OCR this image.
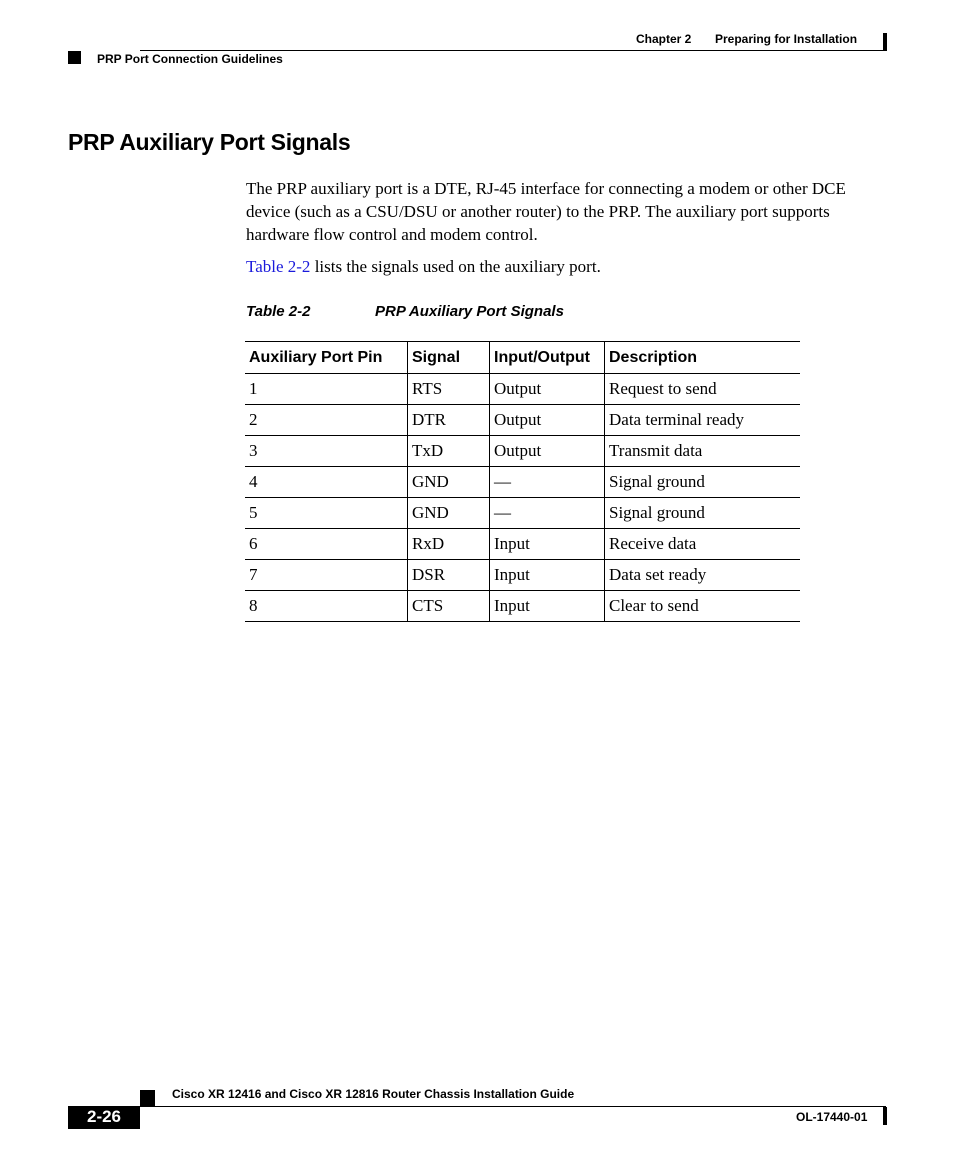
Chapter 2 Preparing for Installation
PRP Port Connection Guidelines
PRP Auxiliary Port Signals

The PRP auxiliary port is a DTE, RJ-45 interface for connecting a modem or other DCE device (such as a CSU/DSU or another router) to the PRP. The auxiliary port supports hardware flow control and modem control.

Table 2-2 lists the signals used on the auxiliary port.

Table 2-2	PRP Auxiliary Port Signals
Auxiliary Port Pin	Signal	Input/Output	Description
1	RTS	Output	Request to send
2	DTR	Output	Data terminal ready
3	TxD	Output	Transmit data
4	GND	—	Signal ground
5	GND	—	Signal ground
6	RxD	Input	Receive data
7	DSR	Input	Data set ready
8	CTS	Input	Clear to send
Cisco XR 12416 and Cisco XR 12816 Router Chassis Installation Guide
2-26	OL-17440-01
